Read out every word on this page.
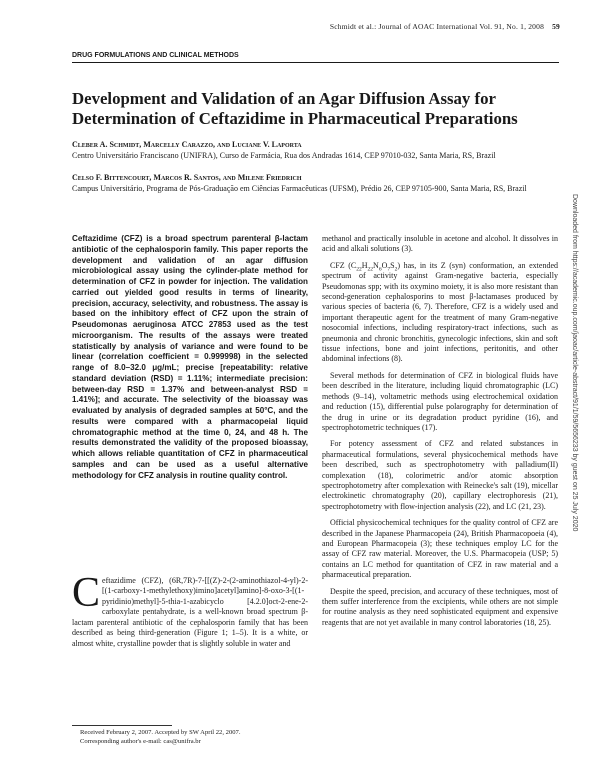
Schmidt et al.: Journal of AOAC International Vol. 91, No. 1, 2008 59
DRUG FORMULATIONS AND CLINICAL METHODS
Development and Validation of an Agar Diffusion Assay for Determination of Ceftazidime in Pharmaceutical Preparations
Cleber A. Schmidt, Marcelly Carazzo, and Luciane V. Laporta
Centro Universitário Franciscano (UNIFRA), Curso de Farmácia, Rua dos Andradas 1614, CEP 97010-032, Santa Maria, RS, Brazil
Celso F. Bittencourt, Marcos R. Santos, and Milene Friedrich
Campus Universitário, Programa de Pós-Graduação em Ciências Farmacêuticas (UFSM), Prédio 26, CEP 97105-900, Santa Maria, RS, Brazil
Downloaded from https://academic.oup.com/jaoac/article-abstract/91/1/59/5656233 by guest on 25 July 2020

Ceftazidime (CFZ) is a broad spectrum parenteral β-lactam antibiotic of the cephalosporin family. This paper reports the development and validation of an agar diffusion microbiological assay using the cylinder-plate method for determination of CFZ in powder for injection. The validation carried out yielded good results in terms of linearity, precision, accuracy, selectivity, and robustness. The assay is based on the inhibitory effect of CFZ upon the strain of Pseudomonas aeruginosa ATCC 27853 used as the test microorganism. The results of the assays were treated statistically by analysis of variance and were found to be linear (correlation coefficient = 0.999998) in the selected range of 8.0–32.0 μg/mL; precise [repeatability: relative standard deviation (RSD) = 1.11%; intermediate precision: between-day RSD = 1.37% and between-analyst RSD = 1.41%]; and accurate. The selectivity of the bioassay was evaluated by analysis of degraded samples at 50°C, and the results were compared with a pharmacopeial liquid chromatographic method at the time 0, 24, and 48 h. The results demonstrated the validity of the proposed bioassay, which allows reliable quantitation of CFZ in pharmaceutical samples and can be used as a useful alternative methodology for CFZ analysis in routine quality control.

C eftazidime (CFZ), (6R,7R)-7-[[(Z)-2-(2-aminothiazol-4-yl)-2-[(1-carboxy-1-methylethoxy)imino]acetyl]amino]-8-oxo-3-[(1-pyridinio)methyl]-5-thia-1-azabicyclo [4.2.0]oct-2-ene-2-carboxylate pentahydrate, is a well-known broad spectrum β-lactam parenteral antibiotic of the cephalosporin family that has been described as being third-generation (Figure 1; 1–5). It is a white, or almost white, crystalline powder that is slightly soluble in water and

Received February 2, 2007. Accepted by SW April 22, 2007.
Corresponding author's e-mail: cas@unifra.br

methanol and practically insoluble in acetone and alcohol. It dissolves in acid and alkali solutions (3).

CFZ $(C_{22}H_{22}N_6O_7S_2)$ has, in its Z (syn) conformation, an extended spectrum of activity against Gram-negative bacteria, especially Pseudomonas spp; with its oxymino moiety, it is also more resistant than second-generation cephalosporins to most β-lactamases produced by various species of bacteria (6, 7). Therefore, CFZ is a widely used and important therapeutic agent for the treatment of many Gram-negative nosocomial infections, including respiratory-tract infections, such as pneumonia and chronic bronchitis, gynecologic infections, skin and soft tissue infections, bone and joint infections, peritonitis, and other abdominal infections (8).

Several methods for determination of CFZ in biological fluids have been described in the literature, including liquid chromatographic (LC) methods (9–14), voltametric methods using electrochemical oxidation and reduction (15), differential pulse polarography for determination of the drug in urine or its degradation product pyridine (16), and spectrophotometric techniques (17).

For potency assessment of CFZ and related substances in pharmaceutical formulations, several physicochemical methods have been described, such as spectrophotometry with palladium(II) complexation (18), colorimetric and/or atomic absorption spectrophotometry after complexation with Reinecke's salt (19), micellar electrokinetic chromatography (20), capillary electrophoresis (21), spectrophotometry with flow-injection analysis (22), and LC (21, 23).

Official physicochemical techniques for the quality control of CFZ are described in the Japanese Pharmacopeia (24), British Pharmacopoeia (4), and European Pharmacopeia (3); these techniques employ LC for the assay of CFZ raw material. Moreover, the U.S. Pharmacopeia (USP; 5) contains an LC method for quantitation of CFZ in raw material and a pharmaceutical preparation.

Despite the speed, precision, and accuracy of these techniques, most of them suffer interference from the excipients, while others are not simple for routine analysis as they need sophisticated equipment and expensive reagents that are not yet available in many control laboratories (18, 25).
